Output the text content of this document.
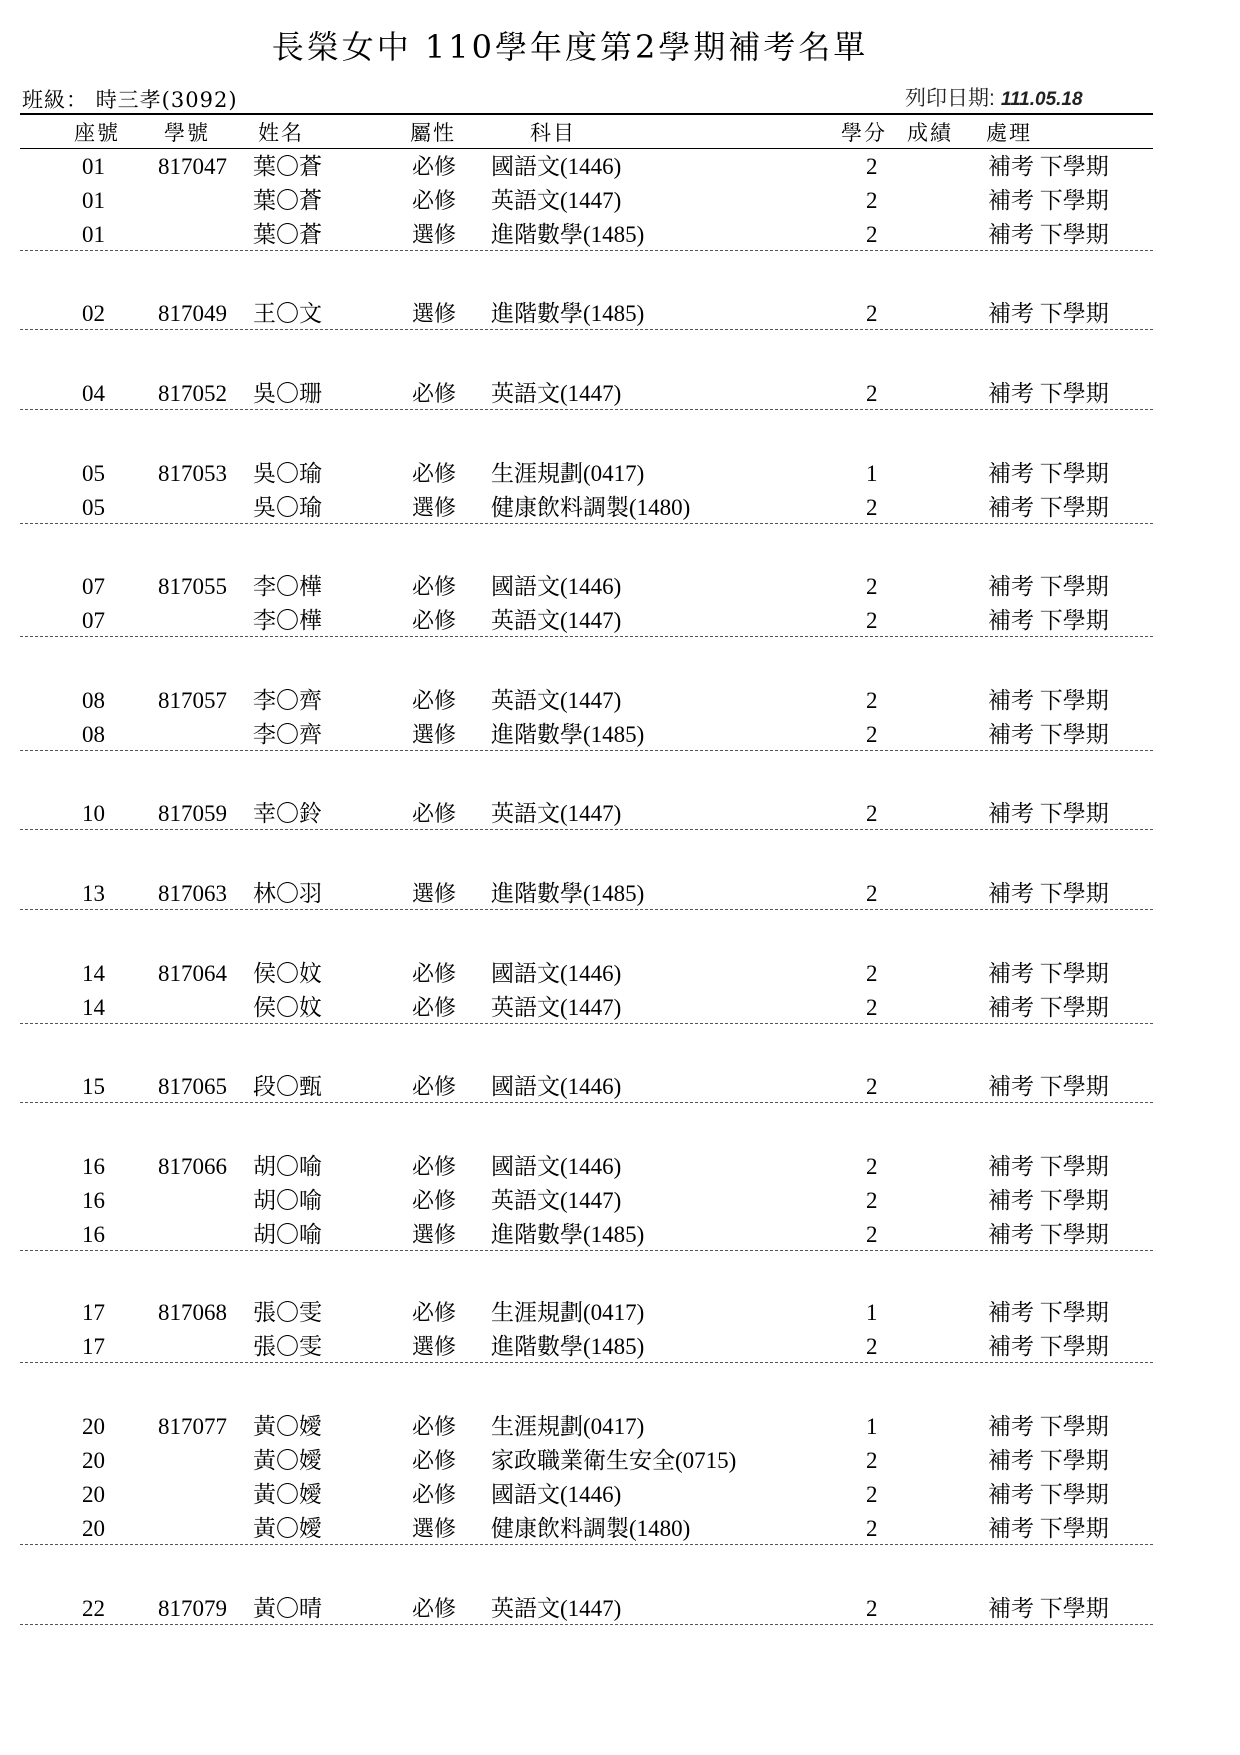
長榮女中 110學年度第2學期補考名單
班級： 時三孝(3092)	列印日期: 111.05.18
座號 學號 姓名	屬性	科目	學分 成績 處理
01 817047 葉〇蒼	必修 國語文(1446)	2	補考 下學期
01	葉〇蒼	必修 英語文(1447)	2	補考 下學期
01	葉〇蒼	選修 進階數學(1485)	2	補考 下學期
02 817049 王〇文	選修 進階數學(1485)	2	補考 下學期
04 817052 吳〇珊	必修 英語文(1447)	2	補考 下學期
05 817053 吳〇瑜	必修 生涯規劃(0417)	1	補考 下學期
05	吳〇瑜	選修 健康飲料調製(1480)	2	補考 下學期
07 817055 李〇樺	必修 國語文(1446)	2	補考 下學期
07	李〇樺	必修 英語文(1447)	2	補考 下學期
08 817057 李〇齊	必修 英語文(1447)	2	補考 下學期
08	李〇齊	選修 進階數學(1485)	2	補考 下學期
10 817059 幸〇鈴	必修 英語文(1447)	2	補考 下學期
13 817063 林〇羽	選修 進階數學(1485)	2	補考 下學期
14 817064 侯〇妏	必修 國語文(1446)	2	補考 下學期
14	侯〇妏	必修 英語文(1447)	2	補考 下學期
15 817065 段〇甄	必修 國語文(1446)	2	補考 下學期
16 817066 胡〇喻	必修 國語文(1446)	2	補考 下學期
16	胡〇喻	必修 英語文(1447)	2	補考 下學期
16	胡〇喻	選修 進階數學(1485)	2	補考 下學期
17 817068 張〇雯	必修 生涯規劃(0417)	1	補考 下學期
17	張〇雯	選修 進階數學(1485)	2	補考 下學期
20 817077 黃〇嬡	必修 生涯規劃(0417)	1	補考 下學期
20	黃〇嬡	必修 家政職業衛生安全(0715)	2	補考 下學期
20	黃〇嬡	必修 國語文(1446)	2	補考 下學期
20	黃〇嬡	選修 健康飲料調製(1480)	2	補考 下學期
22 817079 黃〇晴	必修 英語文(1447)	2	補考 下學期
